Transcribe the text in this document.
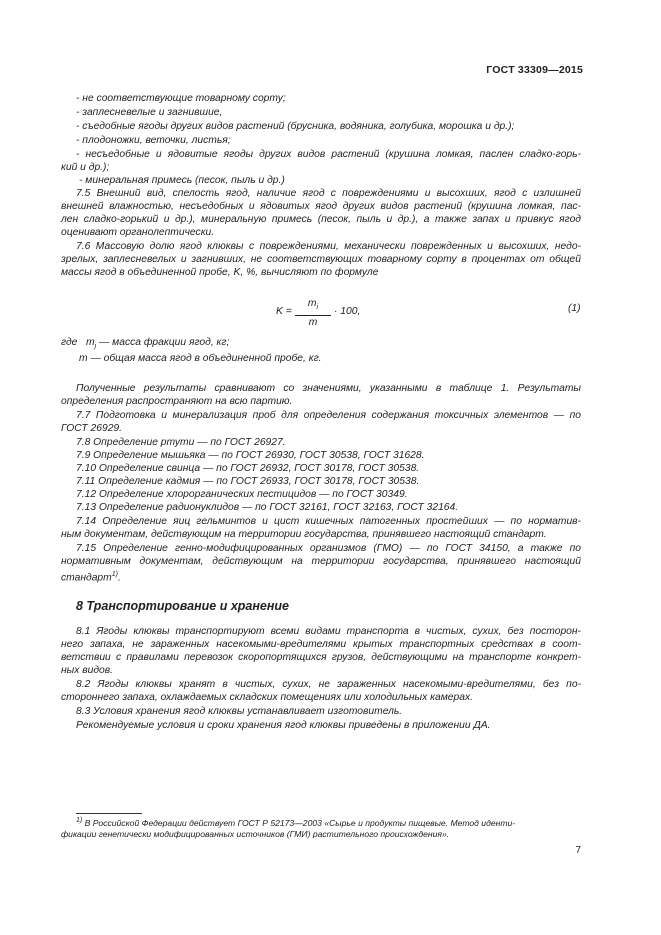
ГОСТ 33309—2015
- не соответствующие товарному сорту;
- заплесневелые и загнившие,
- съедобные ягоды других видов растений (брусника, водяника, голубика, морошка и др.);
- плодоножки, веточки, листья;
- несъедобные и ядовитые ягоды других видов растений (крушина ломкая, паслен сладко-горь-
кий и др.);
- минеральная примесь (песок, пыль и др.)
7.5 Внешний вид, спелость ягод, наличие ягод с повреждениями и высохших, ягод с излишней
внешней влажностью, несъедобных и ядовитых ягод других видов растений (крушина ломкая, пас-
лен сладко-горький и др.), минеральную примесь (песок, пыль и др.), а также запах и привкус ягод
оценивают органолептически.
7.6 Массовую долю ягод клюквы с повреждениями, механически поврежденных и высохших, недо-
зрелых, заплесневелых и загнивших, не соответствующих товарному сорту в процентах от общей
массы ягод в объединенной пробе, K, %, вычисляют по формуле
K =
$m_i$
m
· 100,	(1)
где $m_j$ — масса фракции ягод, кг;
m — общая масса ягод в объединенной пробе, кг.
Полученные результаты сравнивают со значениями, указанными в таблице 1. Результаты
определения распространяют на всю партию.
7.7 Подготовка и минерализация проб для определения содержания токсичных элементов — по
ГОСТ 26929.
7.8 Определение ртути — по ГОСТ 26927.
7.9 Определение мышьяка — по ГОСТ 26930, ГОСТ 30538, ГОСТ 31628.
7.10 Определение свинца — по ГОСТ 26932, ГОСТ 30178, ГОСТ 30538.
7.11 Определение кадмия — по ГОСТ 26933, ГОСТ 30178, ГОСТ 30538.
7.12 Определение хлорорганических пестицидов — по ГОСТ 30349.
7.13 Определение радионуклидов — по ГОСТ 32161, ГОСТ 32163, ГОСТ 32164.
7.14 Определение яиц гельминтов и цист кишечных патогенных простейших — по норматив-
ным документам, действующим на территории государства, принявшего настоящий стандарт.
7.15 Определение генно-модифицированных организмов (ГМО) — по ГОСТ 34150, а также по
нормативным документам, действующим на территории государства, принявшего настоящий
стандарт$^{1)}$.
8 Транспортирование и хранение
8.1 Ягоды клюквы транспортируют всеми видами транспорта в чистых, сухих, без посторон-
него запаха, не зараженных насекомыми-вредителями крытых транспортных средствах в соот-
ветствии с правилами перевозок скоропортящихся грузов, действующими на транспорте конкрет-
ных видов.
8.2 Ягоды клюквы хранят в чистых, сухих, не зараженных насекомыми-вредителями, без по-
стороннего запаха, охлаждаемых складских помещениях или холодильных камерах.
8.3 Условия хранения ягод клюквы устанавливает изготовитель.
Рекомендуемые условия и сроки хранения ягод клюквы приведены в приложении ДА.
$^{1)}$ В Российской Федерации действует ГОСТ Р 52173—2003 «Сырье и продукты пищевые. Метод иденти-
фикации генетически модифицированных источников (ГМИ) растительного происхождения».
7
